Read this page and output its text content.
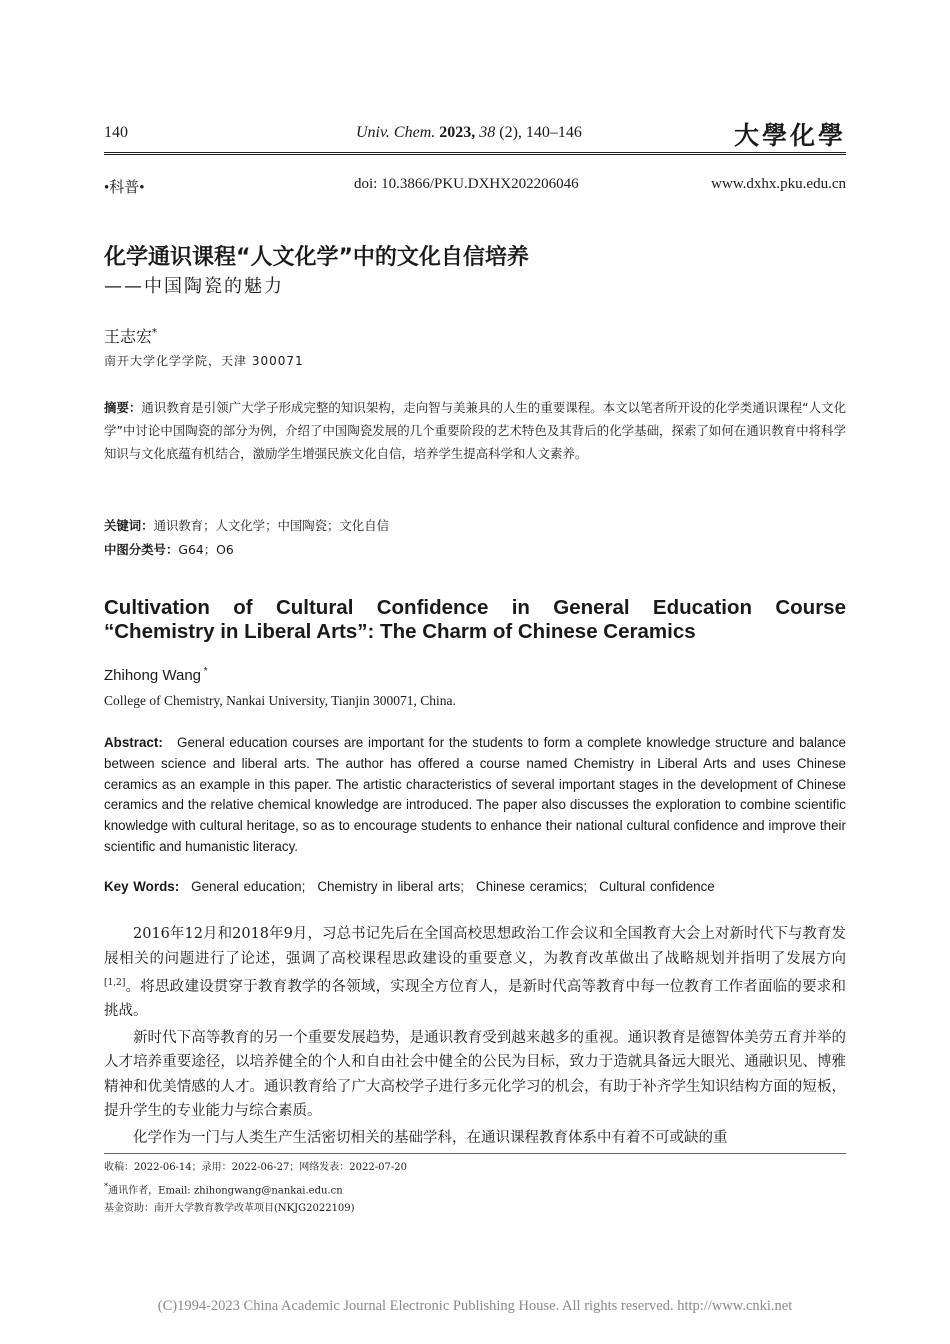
140	Univ. Chem. 2023, 38 (2), 140–146	大學化學
•科普•	doi: 10.3866/PKU.DXHX202206046	www.dxhx.pku.edu.cn
化学通识课程“人文化学”中的文化自信培养
——中国陶瓷的魅力
王志宏*
南开大学化学学院，天津 300071
摘要：通识教育是引领广大学子形成完整的知识架构，走向智与美兼具的人生的重要课程。本文以笔者所开设的化学类通识课程“人文化学”中讨论中国陶瓷的部分为例，介绍了中国陶瓷发展的几个重要阶段的艺术特色及其背后的化学基础，探索了如何在通识教育中将科学知识与文化底蕴有机结合，激励学生增强民族文化自信，培养学生提高科学和人文素养。
关键词：通识教育；人文化学；中国陶瓷；文化自信
中图分类号：G64；O6
Cultivation of Cultural Confidence in General Education Course
“Chemistry in Liberal Arts”: The Charm of Chinese Ceramics
Zhihong Wang *
College of Chemistry, Nankai University, Tianjin 300071, China.
Abstract: General education courses are important for the students to form a complete knowledge structure and balance between science and liberal arts. The author has offered a course named Chemistry in Liberal Arts and uses Chinese ceramics as an example in this paper. The artistic characteristics of several important stages in the development of Chinese ceramics and the relative chemical knowledge are introduced. The paper also discusses the exploration to combine scientific knowledge with cultural heritage, so as to encourage students to enhance their national cultural confidence and improve their scientific and humanistic literacy.
Key Words: General education; Chemistry in liberal arts; Chinese ceramics; Cultural confidence

2016年12月和2018年9月，习总书记先后在全国高校思想政治工作会议和全国教育大会上对新时代下与教育发展相关的问题进行了论述，强调了高校课程思政建设的重要意义，为教育改革做出了战略规划并指明了发展方向[1,2]。将思政建设贯穿于教育教学的各领域，实现全方位育人，是新时代高等教育中每一位教育工作者面临的要求和挑战。

新时代下高等教育的另一个重要发展趋势，是通识教育受到越来越多的重视。通识教育是德智体美劳五育并举的人才培养重要途径，以培养健全的个人和自由社会中健全的公民为目标，致力于造就具备远大眼光、通融识见、博雅精神和优美情感的人才。通识教育给了广大高校学子进行多元化学习的机会，有助于补齐学生知识结构方面的短板，提升学生的专业能力与综合素质。

化学作为一门与人类生产生活密切相关的基础学科，在通识课程教育体系中有着不可或缺的重

收稿：2022-06-14；录用：2022-06-27；网络发表：2022-07-20
*通讯作者，Email: zhihongwang@nankai.edu.cn
基金资助：南开大学教育教学改革项目(NKJG2022109)
(C)1994-2023 China Academic Journal Electronic Publishing House. All rights reserved. http://www.cnki.net
